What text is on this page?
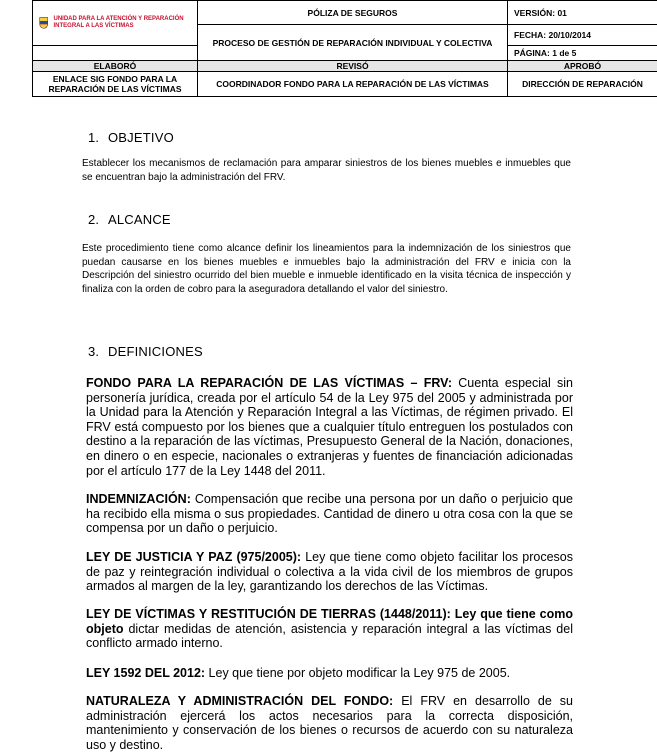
UNIDAD PARA LA ATENCIÓN Y REPARACIÓN INTEGRAL A LAS VÍCTIMAS	PÓLIZA DE SEGUROS	VERSIÓN: 01
	PROCESO DE GESTIÓN DE REPARACIÓN INDIVIDUAL Y COLECTIVA	FECHA: 20/10/2014
		PÁGINA: 1 de 5
ELABORÓ	REVISÓ	APROBÓ
ENLACE SIG FONDO PARA LA REPARACIÓN DE LAS VÍCTIMAS	COORDINADOR FONDO PARA LA REPARACIÓN DE LAS VÍCTIMAS	DIRECCIÓN DE REPARACIÓN
1. OBJETIVO

Establecer los mecanismos de reclamación para amparar siniestros de los bienes muebles e inmuebles que se encuentran bajo la administración del FRV.

2. ALCANCE

Este procedimiento tiene como alcance definir los lineamientos para la indemnización de los siniestros que puedan causarse en los bienes muebles e inmuebles bajo la administración del FRV e inicia con la Descripción del siniestro ocurrido del bien mueble e inmueble identificado en la visita técnica de inspección y finaliza con la orden de cobro para la aseguradora detallando el valor del siniestro.

3. DEFINICIONES

FONDO PARA LA REPARACIÓN DE LAS VÍCTIMAS – FRV: Cuenta especial sin personería jurídica, creada por el artículo 54 de la Ley 975 del 2005 y administrada por la Unidad para la Atención y Reparación Integral a las Víctimas, de régimen privado. El FRV está compuesto por los bienes que a cualquier título entreguen los postulados con destino a la reparación de las víctimas, Presupuesto General de la Nación, donaciones, en dinero o en especie, nacionales o extranjeras y fuentes de financiación adicionadas por el artículo 177 de la Ley 1448 del 2011.

INDEMNIZACIÓN: Compensación que recibe una persona por un daño o perjuicio que ha recibido ella misma o sus propiedades. Cantidad de dinero u otra cosa con la que se compensa por un daño o perjuicio.

LEY DE JUSTICIA Y PAZ (975/2005): Ley que tiene como objeto facilitar los procesos de paz y reintegración individual o colectiva a la vida civil de los miembros de grupos armados al margen de la ley, garantizando los derechos de las Víctimas.

LEY DE VÍCTIMAS Y RESTITUCIÓN DE TIERRAS (1448/2011): Ley que tiene como objeto dictar medidas de atención, asistencia y reparación integral a las víctimas del conflicto armado interno.

LEY 1592 DEL 2012: Ley que tiene por objeto modificar la Ley 975 de 2005.

NATURALEZA Y ADMINISTRACIÓN DEL FONDO: El FRV en desarrollo de su administración ejercerá los actos necesarios para la correcta disposición, mantenimiento y conservación de los bienes o recursos de acuerdo con su naturaleza uso y destino.
